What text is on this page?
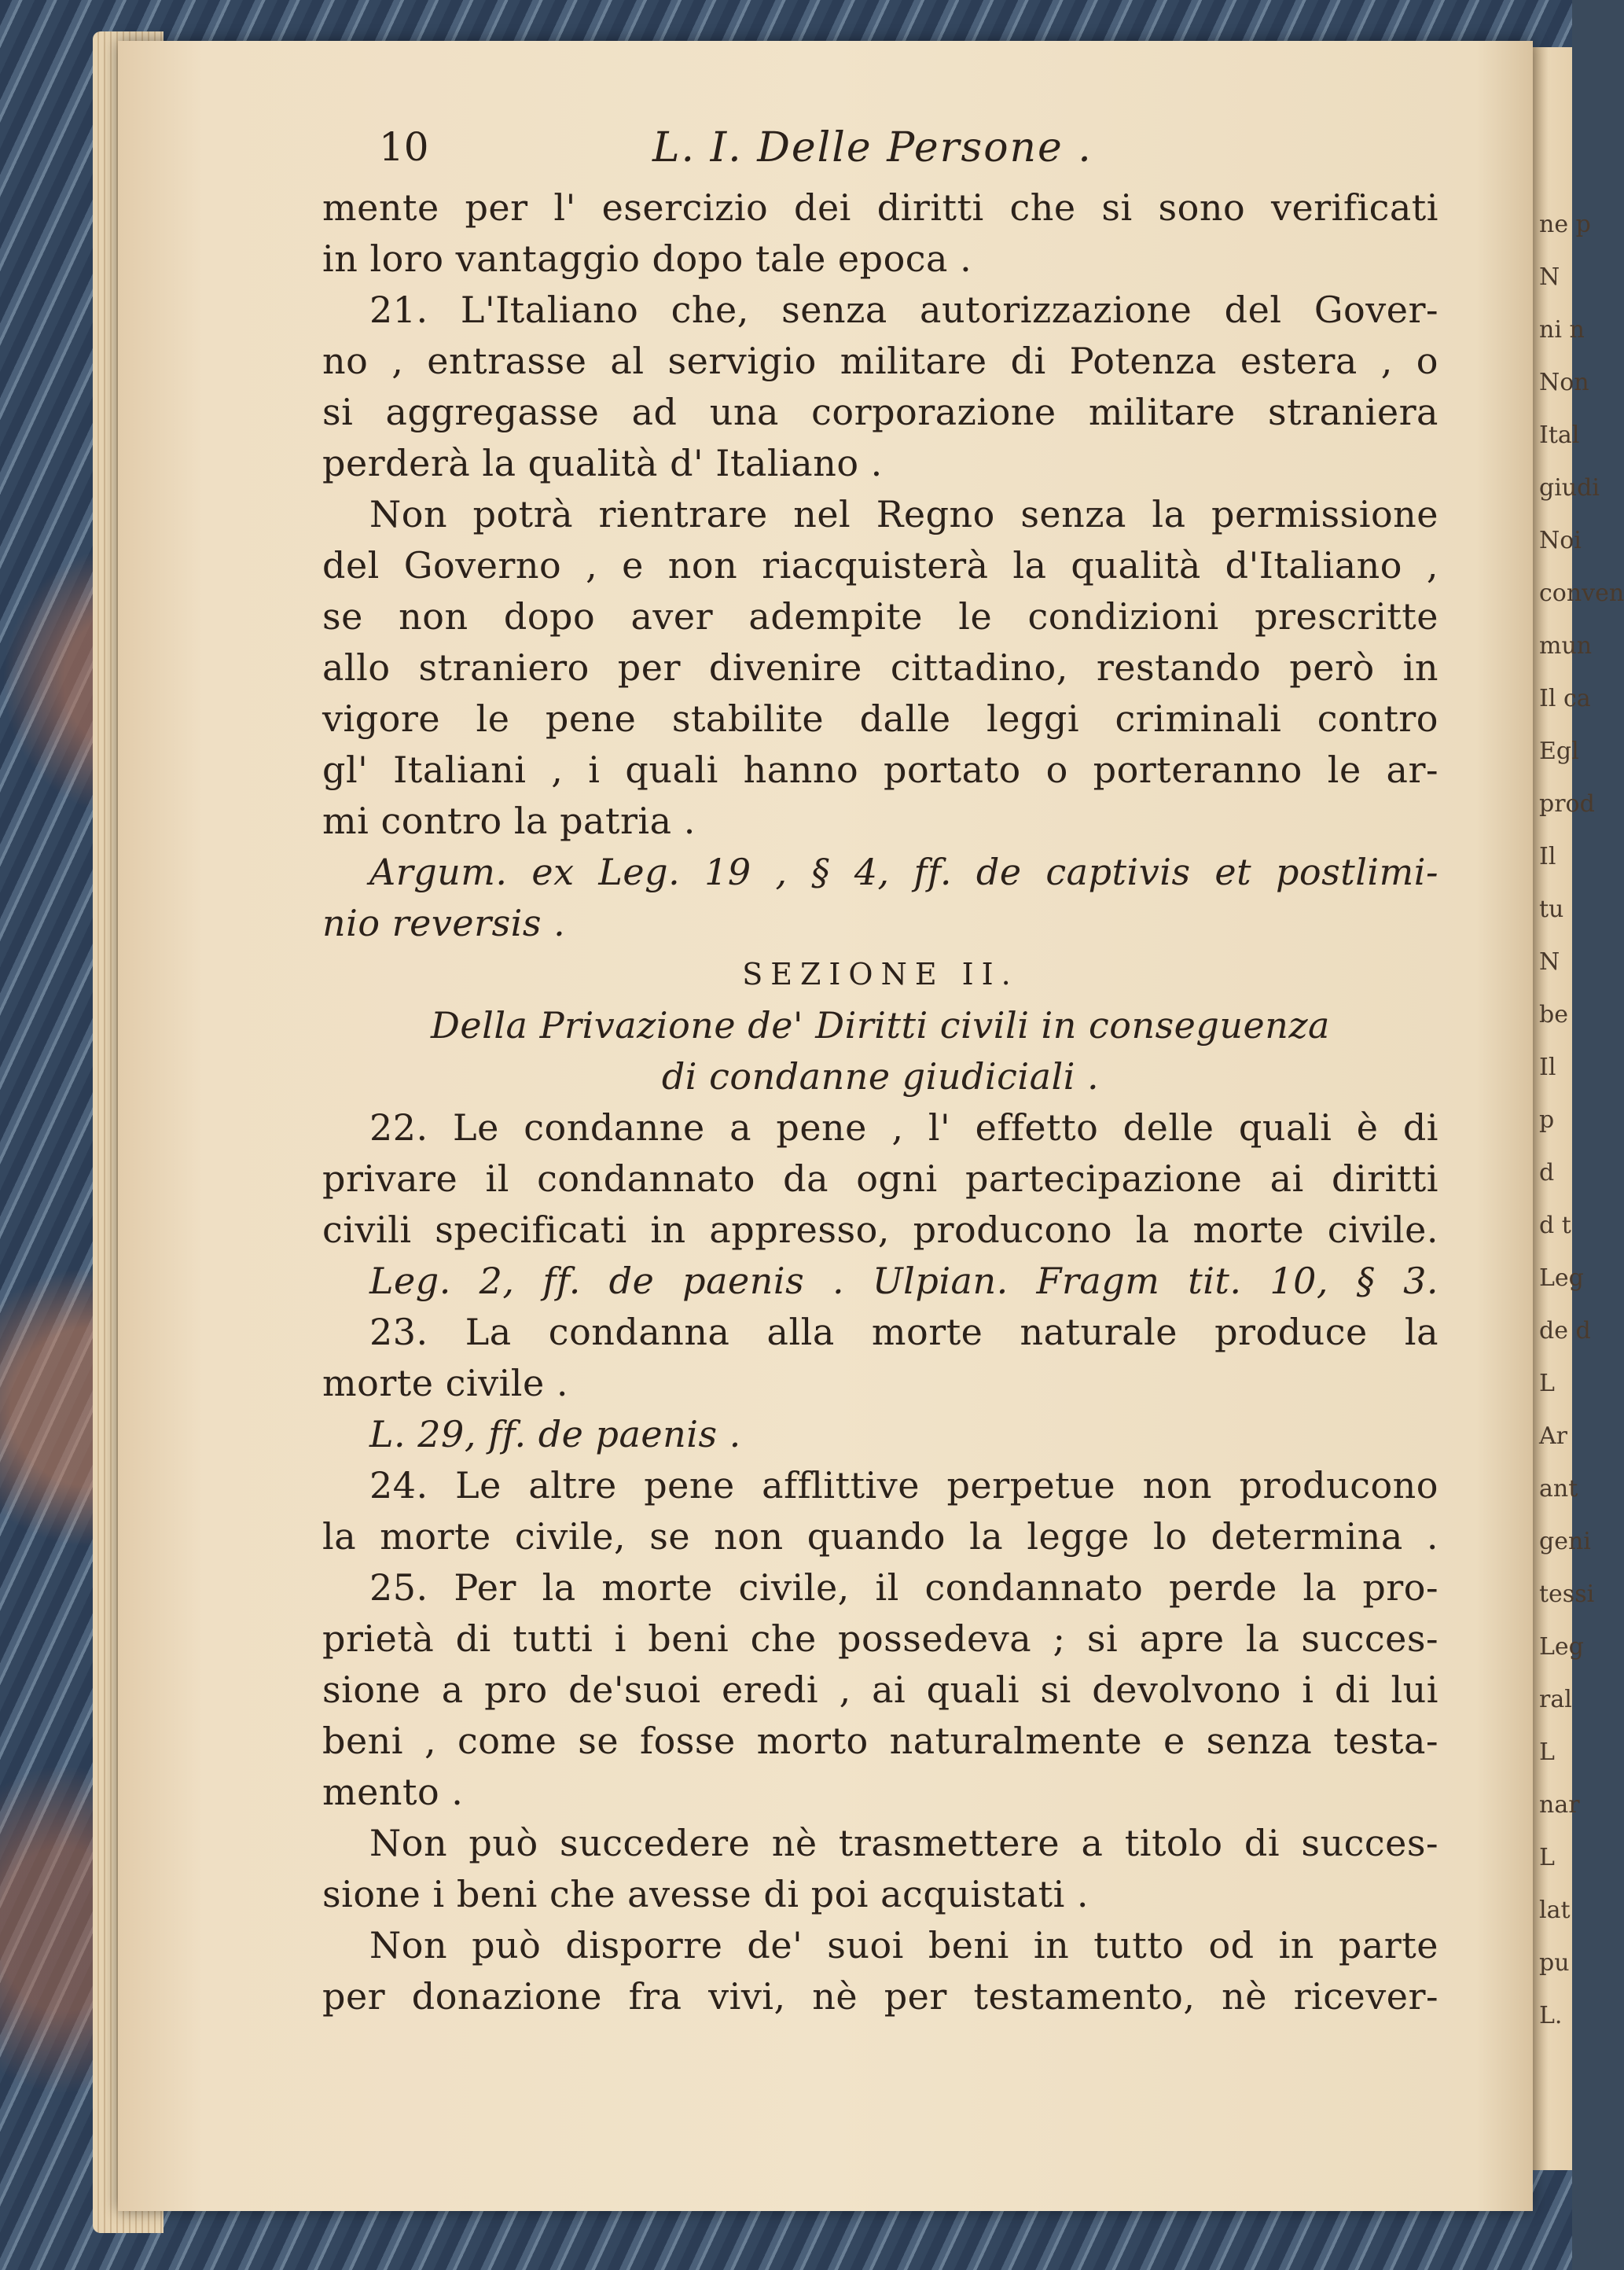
ne p
N
ni n
Non
Ital
giudi
Noi
conven
mun
Il ca
Egl
prod
Il
tu
N
be
Il
p
d
d t
Leg
de d
L
Ar
ant
geni
tessi
Leg
ral
L
nar
L
lat
pu
L.
10	L. I. Delle Persone .
mente per l' esercizio dei diritti che si sono verificati
in loro vantaggio dopo tale epoca .
21. L'Italiano che, senza autorizzazione del Gover-
no , entrasse al servigio militare di Potenza estera , o
si aggregasse ad una corporazione militare straniera
perderà la qualità d' Italiano .
Non potrà rientrare nel Regno senza la permissione
del Governo , e non riacquisterà la qualità d'Italiano ,
se non dopo aver adempite le condizioni prescritte
allo straniero per divenire cittadino, restando però in
vigore le pene stabilite dalle leggi criminali contro
gl' Italiani , i quali hanno portato o porteranno le ar-
mi contro la patria .
Argum. ex Leg. 19 , § 4, ff. de captivis et postlimi-
nio reversis .
SEZIONE II.
Della Privazione de' Diritti civili in conseguenza
di condanne giudiciali .
22. Le condanne a pene , l' effetto delle quali è di
privare il condannato da ogni partecipazione ai diritti
civili specificati in appresso, producono la morte civile.
Leg. 2, ff. de paenis . Ulpian. Fragm tit. 10, § 3.
23. La condanna alla morte naturale produce la
morte civile .
L. 29, ff. de paenis .
24. Le altre pene afflittive perpetue non producono
la morte civile, se non quando la legge lo determina .
25. Per la morte civile, il condannato perde la pro-
prietà di tutti i beni che possedeva ; si apre la succes-
sione a pro de'suoi eredi , ai quali si devolvono i di lui
beni , come se fosse morto naturalmente e senza testa-
mento .
Non può succedere nè trasmettere a titolo di succes-
sione i beni che avesse di poi acquistati .
Non può disporre de' suoi beni in tutto od in parte
per donazione fra vivi, nè per testamento, nè ricever-
